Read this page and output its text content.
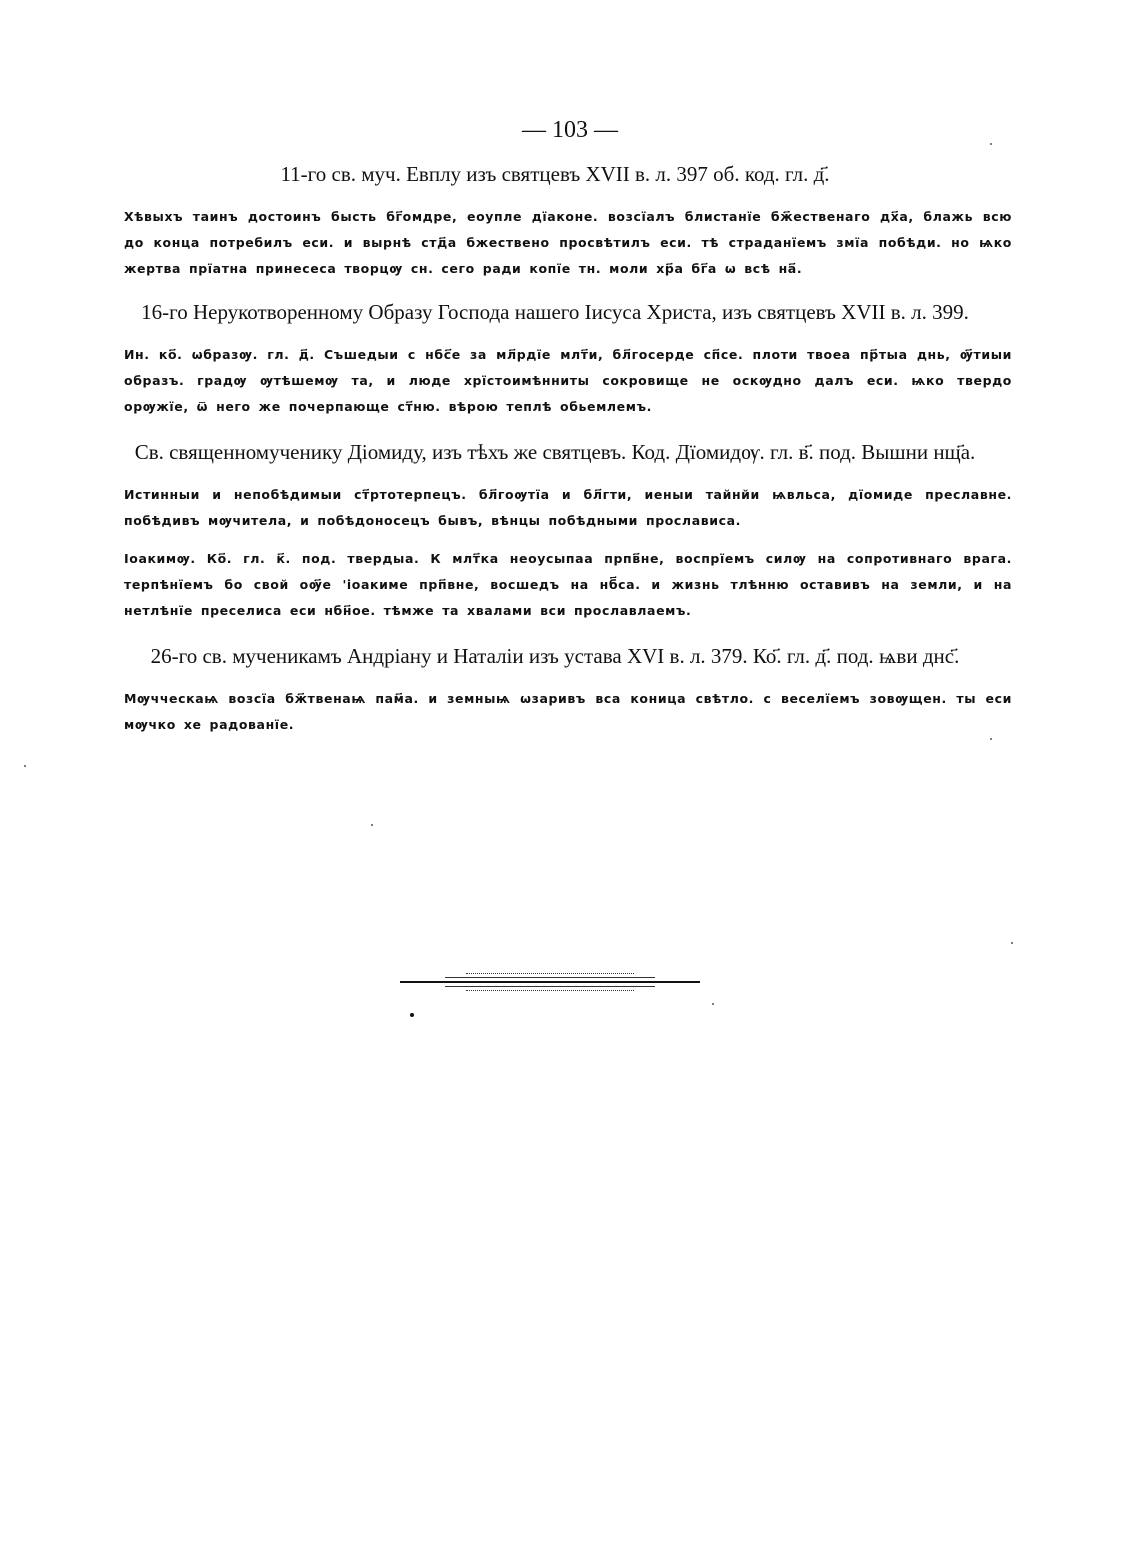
— 103 —
11-го св. муч. Евплу изъ святцевъ XVII в. л. 397 об. код. гл. д҃.
Хѣвыхъ таинъ достоинъ бысть бг҃омдре, еоуплe дїаконe. возсїалъ блистанїе бж҃ественаго дх҃а, блажь всю до конца потребилъ еси. и вырнѣ стд҃а бжественo просвѣтилъ еси. тѣ страданїемъ змїа побѣди. но ѩко жертва прїатна принесеса творцѹ сн. сего ради копїе тн. моли хр҃а бг҃а ѡ всѣ на҃.
16-го Нерукотворенному Образу Господа нашего Іисуса Христа, изъ святцевъ XVII в. л. 399.
Ин. ко҃. ѡбразѹ. гл. д҃. Съшедыи с нбс҃е за мл҃рдїе млт҃и, бл҃госерде сп҃се. плоти твоеа пр҃тыа днь, ѹ҃тиыи образъ. градѹ ѹтѣшемѹ та, и люде хрїстоимѣнниты сокровище не оскѹдно далъ еси. ѩко твердо орѹжїе, ѿ него же почерпающе ст҃ню. вѣрою теплѣ обьемлемъ.
Св. священномученику Діомиду, изъ тѣхъ же святцевъ. Код. Дїомидѹ. гл. в҃. под. Вышни нщ҃а.
Истинныи и непобѣдимыи ст҃ртотерпецъ. бл҃гоѹтїа и бл҃гти, иеныи тайнйи ѩвльса, дїомиде преславне. побѣдивъ мѹчитела, и побѣдоносецъ бывъ, вѣнцы побѣдными прослависа.
Іоакимѹ. Ко҃. гл. к҃. под. твердыа. К млт҃ка неоусыпаа прпв҃не, воспрїемъ силѹ на сопротивнаго врага. терпѣнїемъ бо свой оѹ҃е 'іоакиме прп҃вне, восшедъ на нб҃са. и жизнь тлѣнню оставивъ на земли, и на нетлѣнїе преселиса еси нбн҃ое. тѣмже та хвалами вси прославлаемъ.
26-го св. мученикамъ Андріану и Наталіи изъ устава XVI в. л. 379. Ко҃. гл. д҃. под. ѩви днс҃.
Мѹчческаѩ возсїа бж҃твенаѩ пам҃а. и земныѩ ѡзаривъ вса коница свѣтло. с веселїемъ зовѹщен. ты еси мѹчко хе радованїе.
